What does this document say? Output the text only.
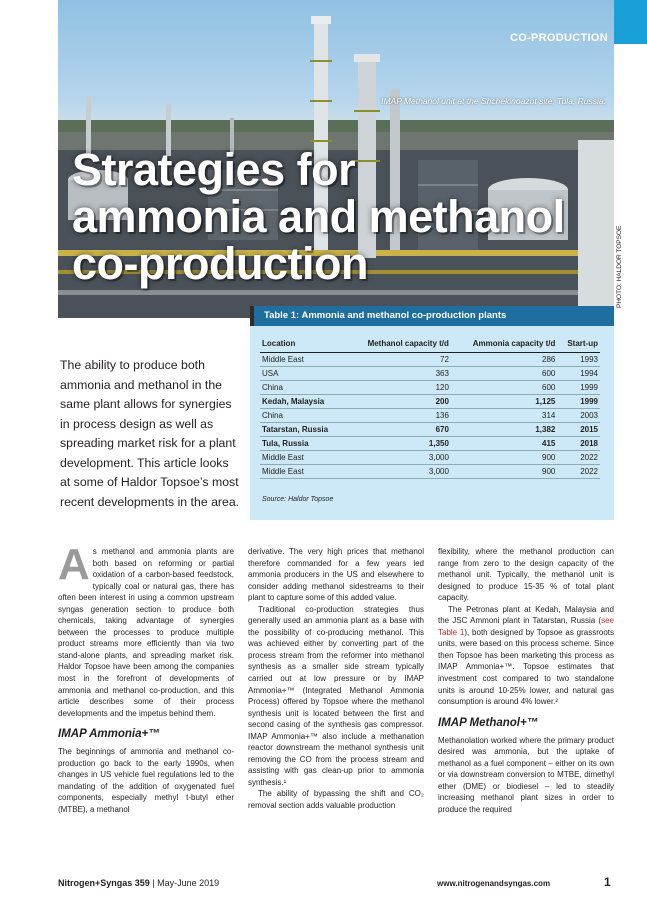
CO-PRODUCTION
IMAP Methanol unit at the Shchekinoazot site, Tula, Russia.
PHOTO: HALDOR TOPSOE
Strategies for
ammonia and methanol
co-production
The ability to produce both ammonia and methanol in the same plant allows for synergies in process design as well as spreading market risk for a plant development. This article looks at some of Haldor Topsoe’s most recent developments in the area.
Table 1: Ammonia and methanol co-production plants
Location	Methanol capacity t/d	Ammonia capacity t/d	Start-up
Middle East	72	286	1993
USA	363	600	1994
China	120	600	1999
Kedah, Malaysia	200	1,125	1999
China	136	314	2003
Tatarstan, Russia	670	1,382	2015
Tula, Russia	1,350	415	2018
Middle East	3,000	900	2022
Middle East	3,000	900	2022
Source: Haldor Topsoe

As methanol and ammonia plants are both based on reforming or partial oxidation of a carbon-based feedstock, typically coal or natural gas, there has often been interest in using a common upstream syngas generation section to produce both chemicals, taking advantage of synergies between the processes to produce multiple product streams more efficiently than via two stand-alone plants, and spreading market risk. Haldor Topsoe have been among the companies most in the forefront of developments of ammonia and methanol co-production, and this article describes some of their process developments and the impetus behind them.

IMAP Ammonia+™

The beginnings of ammonia and methanol co-production go back to the early 1990s, when changes in US vehicle fuel regulations led to the mandating of the addition of oxygenated fuel components, especially methyl t-butyl ether (MTBE), a methanol

derivative. The very high prices that methanol therefore commanded for a few years led ammonia producers in the US and elsewhere to consider adding methanol sidestreams to their plant to capture some of this added value.

Traditional co-production strategies thus generally used an ammonia plant as a base with the possibility of co-producing methanol. This was achieved either by converting part of the process stream from the reformer into methanol synthesis as a smaller side stream typically carried out at low pressure or by IMAP Ammonia+™ (Integrated Methanol Ammonia Process) offered by Topsoe where the methanol synthesis unit is located between the first and second casing of the synthesis gas compressor. IMAP Ammonia+™ also include a methanation reactor downstream the methanol synthesis unit removing the CO from the process stream and assisting with gas clean-up prior to ammonia synthesis.¹

The ability of bypassing the shift and CO₂ removal section adds valuable production

flexibility, where the methanol production can range from zero to the design capacity of the methanol unit. Typically, the methanol unit is designed to produce 15-35 % of total plant capacity.

The Petronas plant at Kedah, Malaysia and the JSC Ammoni plant in Tatarstan, Russia (see Table 1), both designed by Topsoe as grassroots units, were based on this process scheme. Since then Topsoe has been marketing this process as IMAP Ammonia+™. Topsoe estimates that investment cost compared to two standalone units is around 10-25% lower, and natural gas consumption is around 4% lower.²

IMAP Methanol+™

Methanolation worked where the primary product desired was ammonia, but the uptake of methanol as a fuel component – either on its own or via downstream conversion to MTBE, dimethyl ether (DME) or biodiesel – led to steadily increasing methanol plant sizes in order to produce the required

Nitrogen+Syngas 359 | May-June 2019	www.nitrogenandsyngas.com	1
